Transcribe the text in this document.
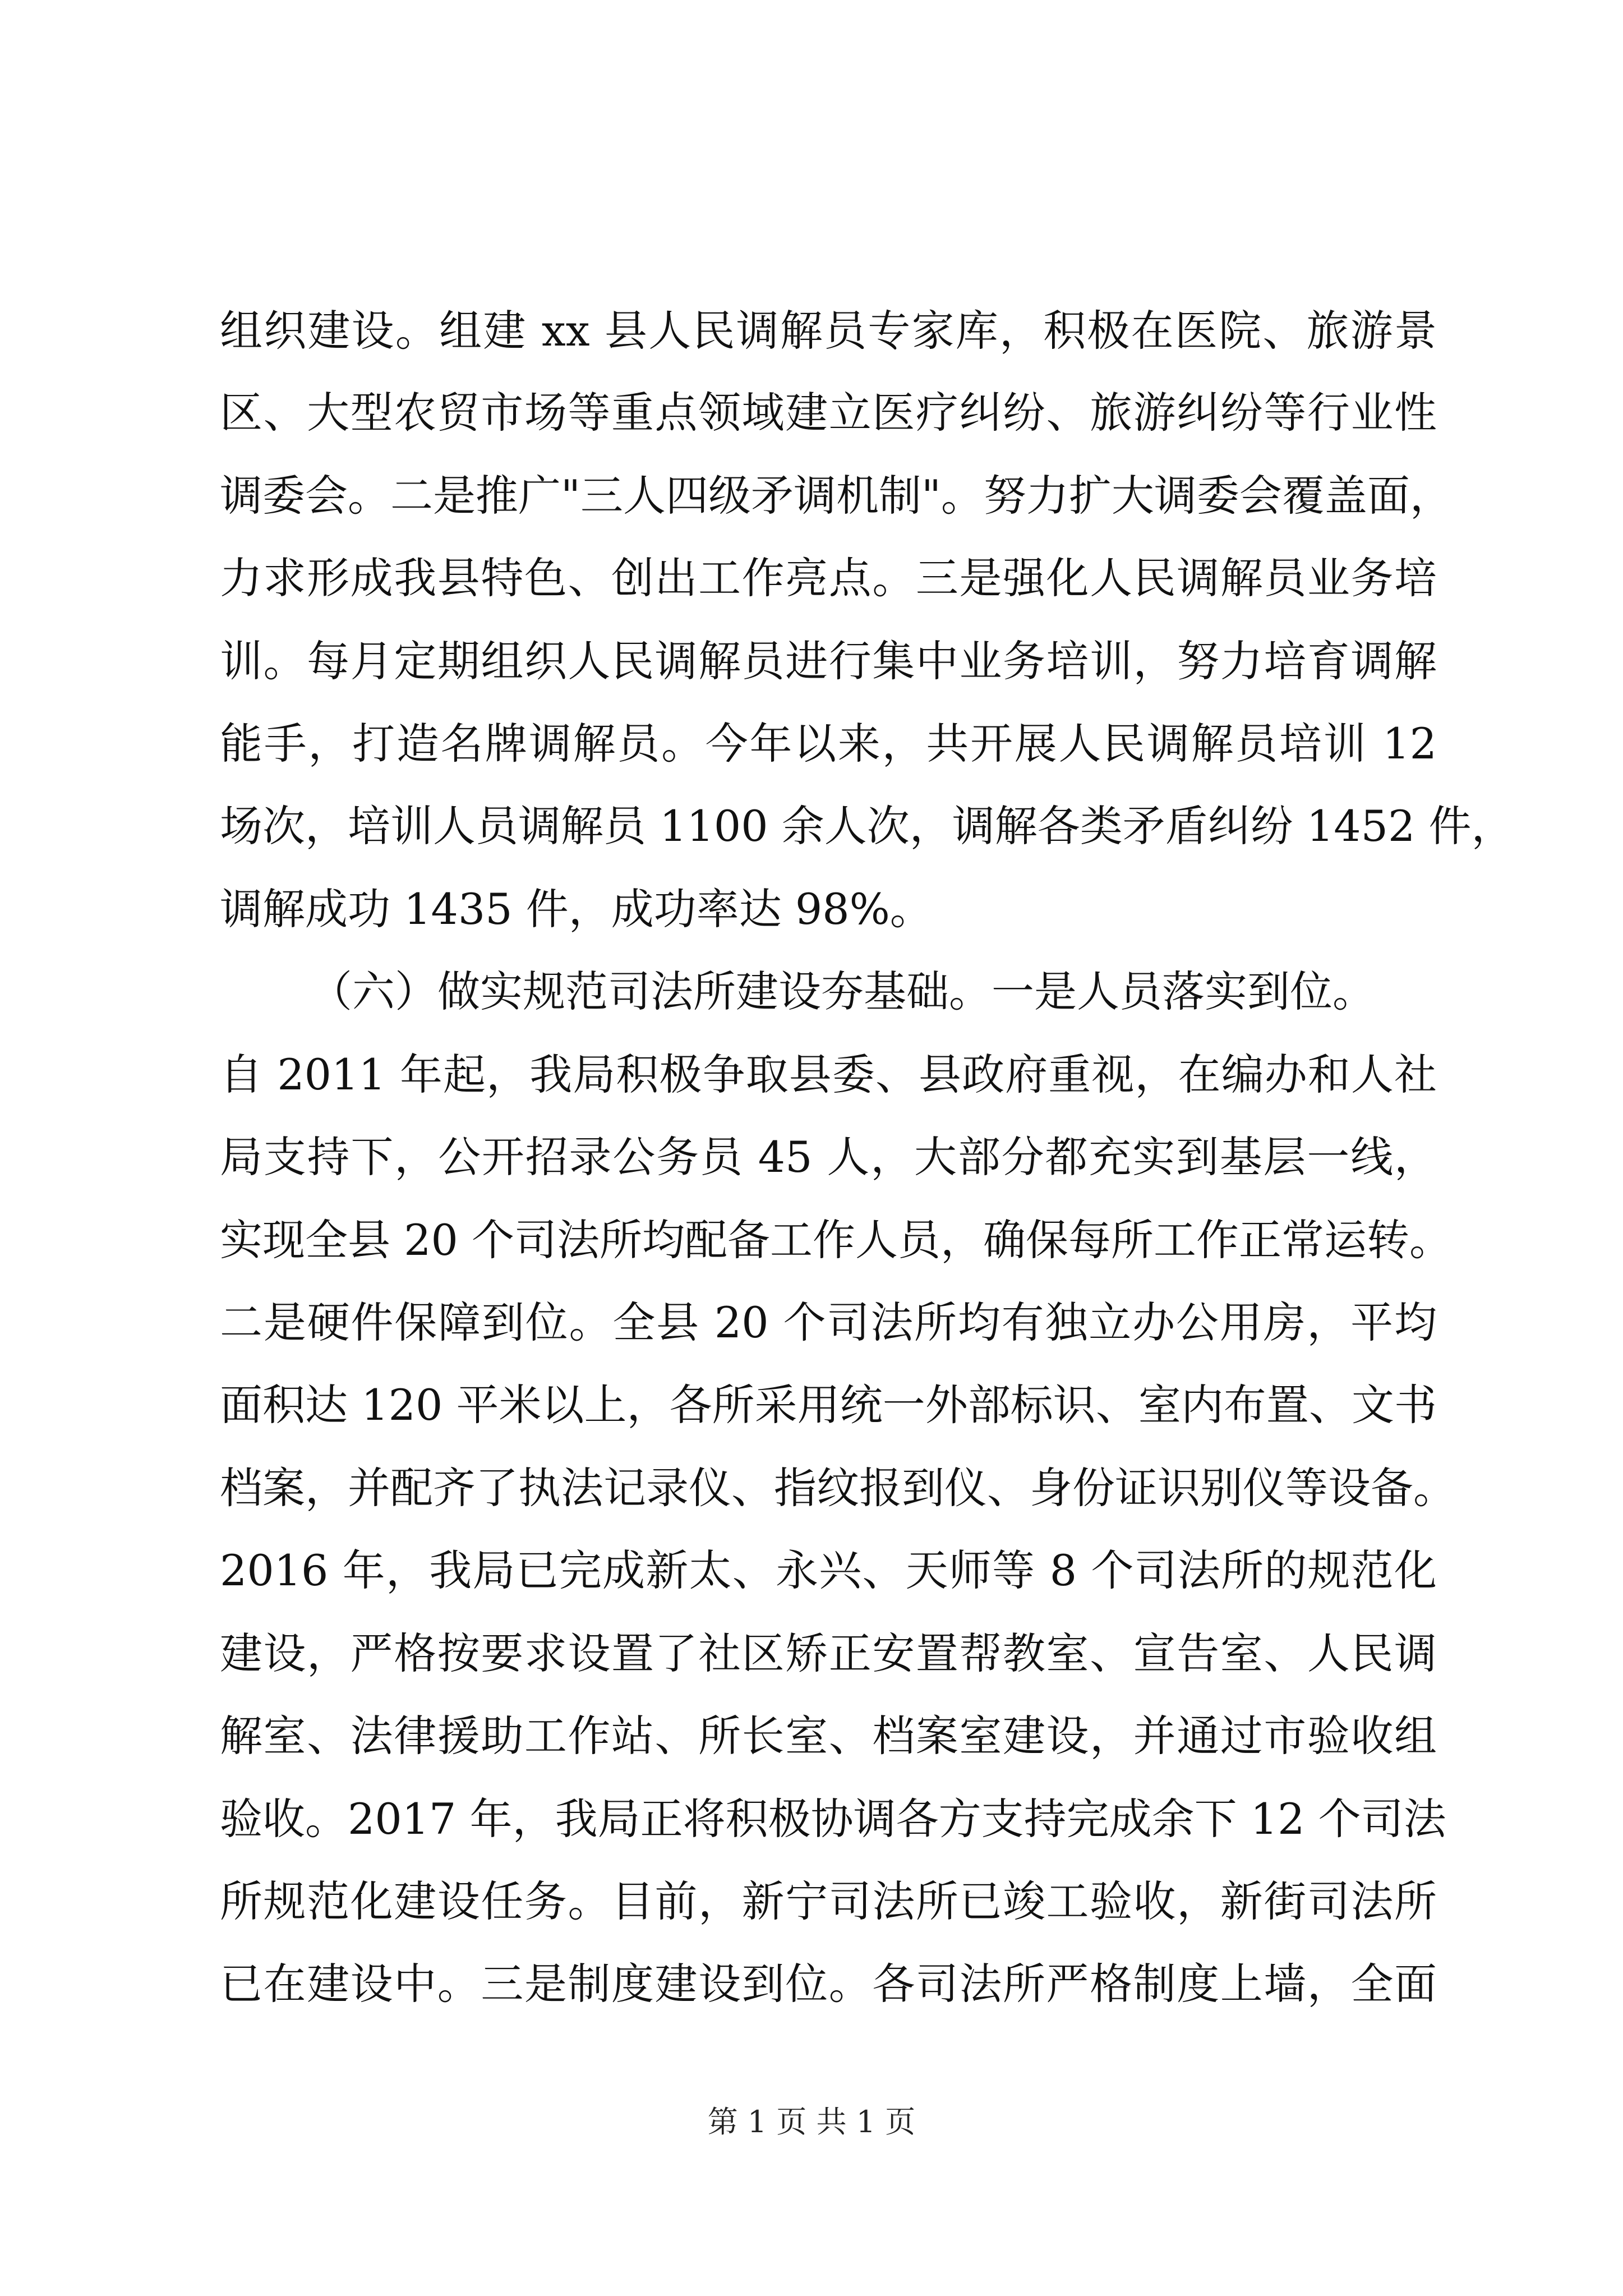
组织建设。组建 xx 县人民调解员专家库，积极在医院、旅游景
区、大型农贸市场等重点领域建立医疗纠纷、旅游纠纷等行业性
调委会。二是推广"三人四级矛调机制"。努力扩大调委会覆盖面，
力求形成我县特色、创出工作亮点。三是强化人民调解员业务培
训。每月定期组织人民调解员进行集中业务培训，努力培育调解
能手，打造名牌调解员。今年以来，共开展人民调解员培训 12
场次，培训人员调解员 1100 余人次，调解各类矛盾纠纷 1452 件，
调解成功 1435 件，成功率达 98%。
（六）做实规范司法所建设夯基础。一是人员落实到位。
自 2011 年起，我局积极争取县委、县政府重视，在编办和人社
局支持下，公开招录公务员 45 人，大部分都充实到基层一线，
实现全县 20 个司法所均配备工作人员，确保每所工作正常运转。
二是硬件保障到位。全县 20 个司法所均有独立办公用房，平均
面积达 120 平米以上，各所采用统一外部标识、室内布置、文书
档案，并配齐了执法记录仪、指纹报到仪、身份证识别仪等设备。
2016 年，我局已完成新太、永兴、天师等 8 个司法所的规范化
建设，严格按要求设置了社区矫正安置帮教室、宣告室、人民调
解室、法律援助工作站、所长室、档案室建设，并通过市验收组
验收。2017 年，我局正将积极协调各方支持完成余下 12 个司法
所规范化建设任务。目前，新宁司法所已竣工验收，新街司法所
已在建设中。三是制度建设到位。各司法所严格制度上墙，全面
第 1 页 共 1 页
